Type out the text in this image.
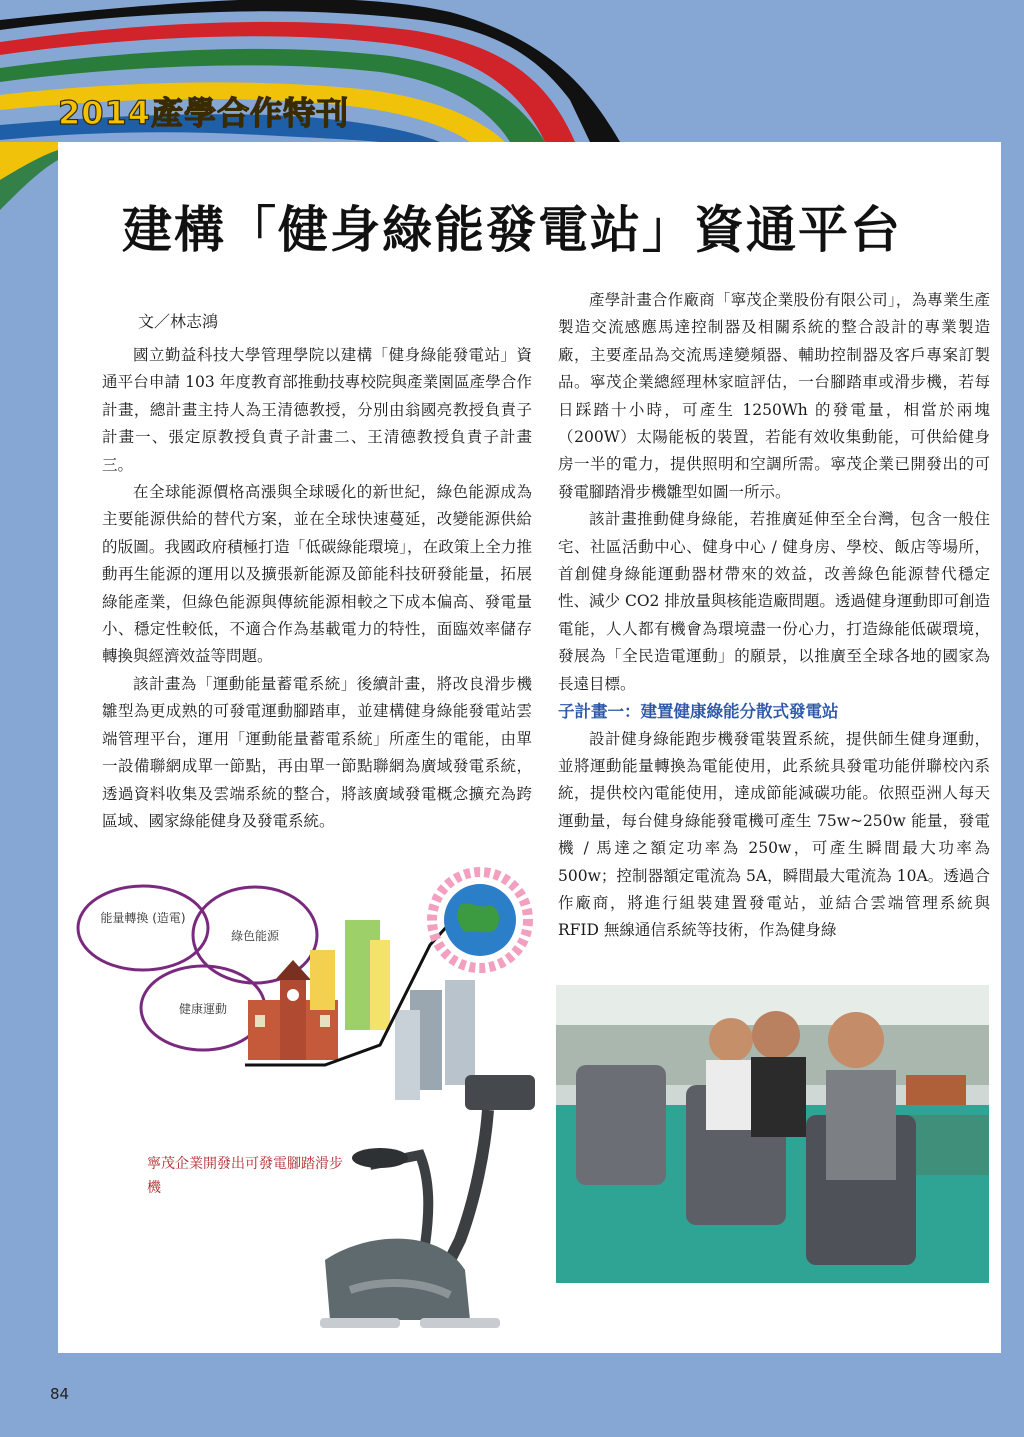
2014產學合作特刊
建構「健身綠能發電站」資通平台
文／林志鴻

國立勤益科技大學管理學院以建構「健身綠能發電站」資通平台申請 103 年度教育部推動技專校院與產業園區產學合作計畫，總計畫主持人為王清德教授，分別由翁國亮教授負責子計畫一、張定原教授負責子計畫二、王清德教授負責子計畫三。

在全球能源價格高漲與全球暖化的新世紀，綠色能源成為主要能源供給的替代方案，並在全球快速蔓延，改變能源供給的版圖。我國政府積極打造「低碳綠能環境」，在政策上全力推動再生能源的運用以及擴張新能源及節能科技研發能量，拓展綠能產業，但綠色能源與傳統能源相較之下成本偏高、發電量小、穩定性較低，不適合作為基載電力的特性，面臨效率儲存轉換與經濟效益等問題。

該計畫為「運動能量蓄電系統」後續計畫，將改良滑步機雛型為更成熟的可發電運動腳踏車，並建構健身綠能發電站雲端管理平台，運用「運動能量蓄電系統」所產生的電能，由單一設備聯網成單一節點，再由單一節點聯網為廣域發電系統，透過資料收集及雲端系統的整合，將該廣域發電概念擴充為跨區域、國家綠能健身及發電系統。

產學計畫合作廠商「寧茂企業股份有限公司」，為專業生產製造交流感應馬達控制器及相關系統的整合設計的專業製造廠，主要產品為交流馬達變頻器、輔助控制器及客戶專案訂製品。寧茂企業總經理林家暄評估，一台腳踏車或滑步機，若每日踩踏十小時，可產生 1250Wh 的發電量，相當於兩塊（200W）太陽能板的裝置，若能有效收集動能，可供給健身房一半的電力，提供照明和空調所需。寧茂企業已開發出的可發電腳踏滑步機雛型如圖一所示。

該計畫推動健身綠能，若推廣延伸至全台灣，包含一般住宅、社區活動中心、健身中心 / 健身房、學校、飯店等場所，首創健身綠能運動器材帶來的效益，改善綠色能源替代穩定性、減少 CO2 排放量與核能造廠問題。透過健身運動即可創造電能，人人都有機會為環境盡一份心力，打造綠能低碳環境，發展為「全民造電運動」的願景，以推廣至全球各地的國家為長遠目標。

子計畫一：建置健康綠能分散式發電站

設計健身綠能跑步機發電裝置系統，提供師生健身運動，並將運動能量轉換為電能使用，此系統具發電功能併聯校內系統，提供校內電能使用，達成節能減碳功能。依照亞洲人每天運動量，每台健身綠能發電機可產生 75w~250w 能量，發電機 / 馬達之額定功率為 250w，可產生瞬間最大功率為 500w；控制器額定電流為 5A，瞬間最大電流為 10A。透過合作廠商，將進行組裝建置發電站，並結合雲端管理系統與 RFID 無線通信系統等技術，作為健身綠

能量轉換 (造電)
綠色能源
健康運動
寧茂企業開發出可發電腳踏滑步機
84
